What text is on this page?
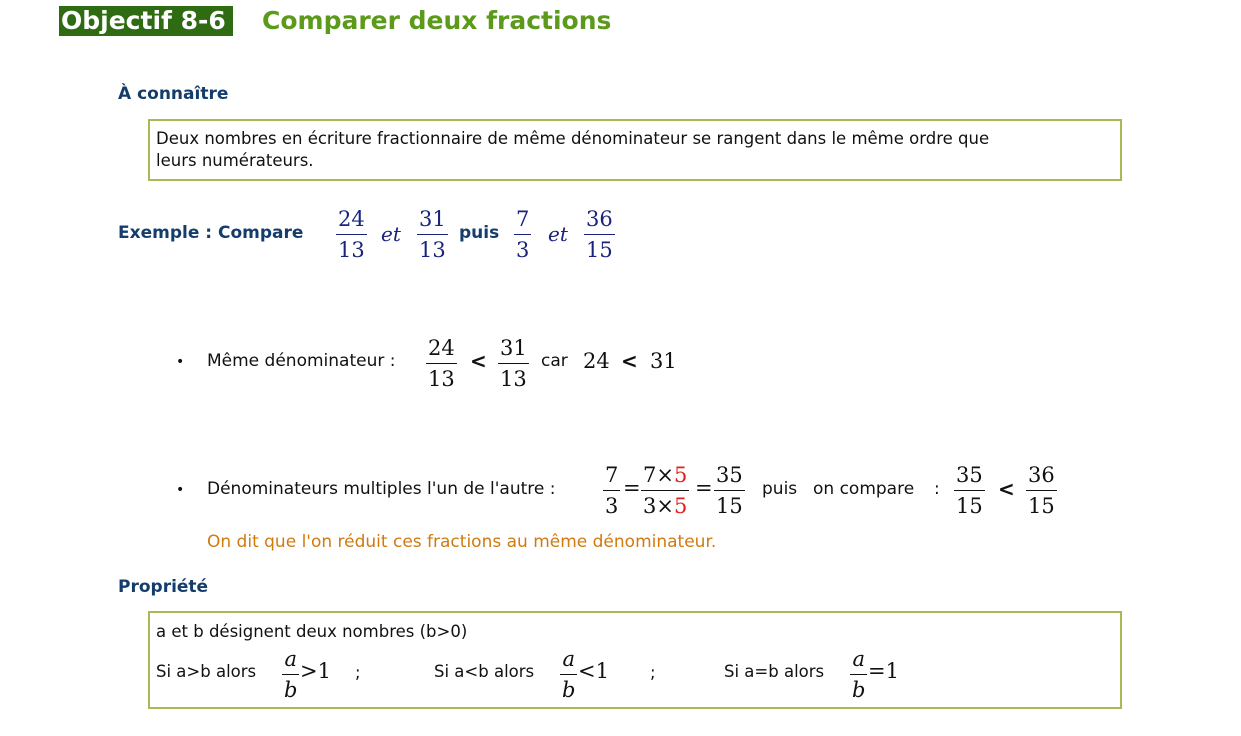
Objectif 8-6 Comparer deux fractions
À connaître
Deux nombres en écriture fractionnaire de même dénominateur se rangent dans le même ordre que
leurs numérateurs.
Exemple : Compare $\frac{24}{13}$ et $\frac{31}{13}$ puis $\frac{7}{3}$ et $\frac{36}{15}$
• Même dénominateur : $\frac{24}{13} < \frac{31}{13}$ car 24 < 31
• Dénominateurs multiples l'un de l'autre : $\frac{7}{3} = \frac{7\times 5}{3\times 5} = \frac{35}{15}$ puis on compare : $\frac{35}{15} < \frac{36}{15}$
On dit que l'on réduit ces fractions au même dénominateur.
Propriété
a et b désignent deux nombres (b>0)
Si a>b alors $\frac{a}{b} >1$ ;	Si a<b alors $\frac{a}{b} <1$ ;	Si a=b alors $\frac{a}{b} =1$
